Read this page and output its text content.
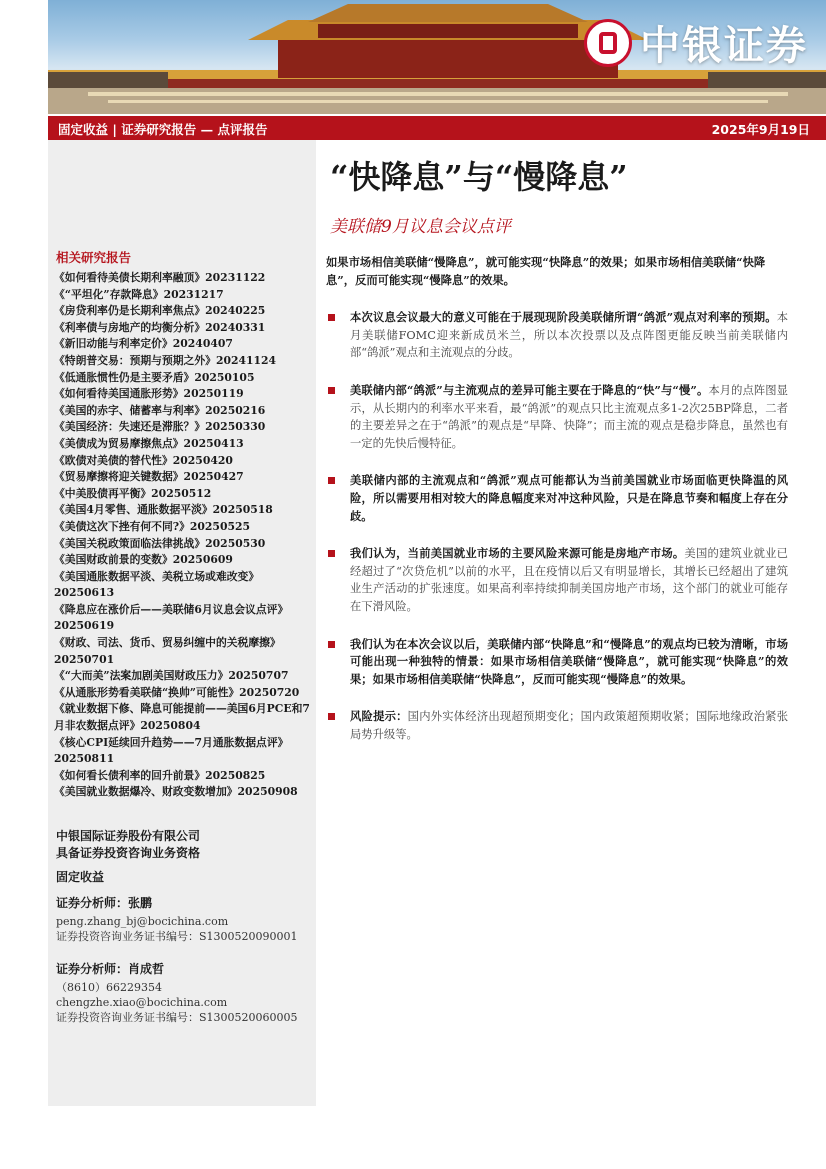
中银证券
固定收益 | 证券研究报告 — 点评报告	2025年9月19日
相关研究报告
《如何看待美债长期利率融顶》20231122
《“平坦化”存款降息》20231217
《房贷利率仍是长期利率焦点》20240225
《利率债与房地产的均衡分析》20240331
《新旧动能与利率定价》20240407
《特朗普交易：预期与预期之外》20241124
《低通胀惯性仍是主要矛盾》20250105
《如何看待美国通胀形势》20250119
《美国的赤字、储蓄率与利率》20250216
《美国经济：失速还是滞胀？》20250330
《美债成为贸易摩擦焦点》20250413
《欧债对美债的替代性》20250420
《贸易摩擦将迎关键数据》20250427
《中美股债再平衡》20250512
《美国4月零售、通胀数据平淡》20250518
《美债这次下挫有何不同?》20250525
《美国关税政策面临法律挑战》20250530
《美国财政前景的变数》20250609
《美国通胀数据平淡、美税立场或难改变》20250613
《降息应在涨价后——美联储6月议息会议点评》20250619
《财政、司法、货币、贸易纠缠中的关税摩擦》20250701
《“大而美”法案加剧美国财政压力》20250707
《从通胀形势看美联储“换帅”可能性》20250720
《就业数据下修、降息可能提前——美国6月PCE和7月非农数据点评》20250804
《核心CPI延续回升趋势——7月通胀数据点评》20250811
《如何看长债利率的回升前景》20250825
《美国就业数据爆冷、财政变数增加》20250908
中银国际证券股份有限公司
具备证券投资咨询业务资格
固定收益
证券分析师：张鹏
peng.zhang_bj@bocichina.com
证券投资咨询业务证书编号：S1300520090001
证券分析师：肖成哲
（8610）66229354
chengzhe.xiao@bocichina.com
证券投资咨询业务证书编号：S1300520060005
“快降息”与“慢降息”
美联储9月议息会议点评

如果市场相信美联储“慢降息”，就可能实现“快降息”的效果；如果市场相信美联储“快降息”，反而可能实现“慢降息”的效果。

本次议息会议最大的意义可能在于展现现阶段美联储所谓“鸽派”观点对利率的预期。本月美联储FOMC迎来新成员米兰，所以本次投票以及点阵图更能反映当前美联储内部“鸽派”观点和主流观点的分歧。
美联储内部“鸽派”与主流观点的差异可能主要在于降息的“快”与“慢”。本月的点阵图显示，从长期内的利率水平来看，最“鸽派”的观点只比主流观点多1-2次25BP降息，二者的主要差异之在于“鸽派”的观点是“早降、快降”；而主流的观点是稳步降息，虽然也有一定的先快后慢特征。
美联储内部的主流观点和“鸽派”观点可能都认为当前美国就业市场面临更快降温的风险，所以需要用相对较大的降息幅度来对冲这种风险，只是在降息节奏和幅度上存在分歧。
我们认为，当前美国就业市场的主要风险来源可能是房地产市场。美国的建筑业就业已经超过了“次贷危机”以前的水平，且在疫情以后又有明显增长，其增长已经超出了建筑业生产活动的扩张速度。如果高利率持续抑制美国房地产市场，这个部门的就业可能存在下滑风险。
我们认为在本次会议以后，美联储内部“快降息”和“慢降息”的观点均已较为清晰，市场可能出现一种独特的情景：如果市场相信美联储“慢降息”，就可能实现“快降息”的效果；如果市场相信美联储“快降息”，反而可能实现“慢降息”的效果。
风险提示：国内外实体经济出现超预期变化；国内政策超预期收紧；国际地缘政治紧张局势升级等。
